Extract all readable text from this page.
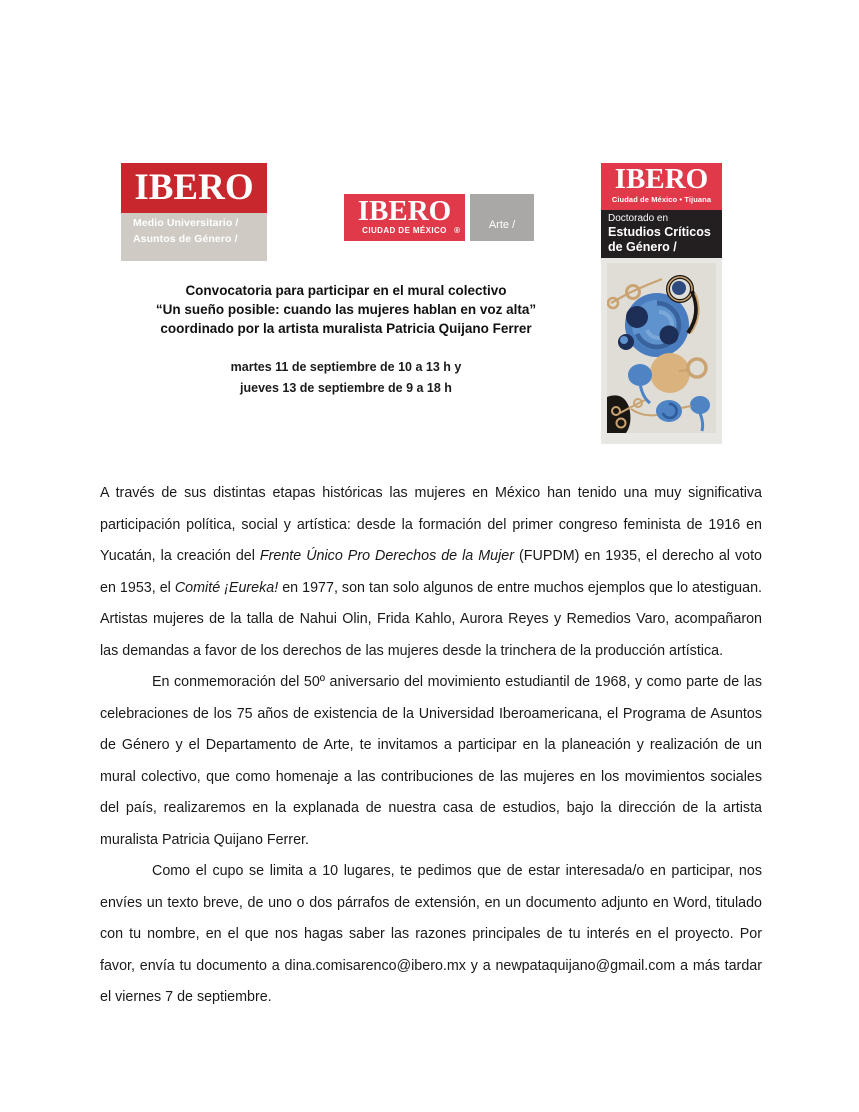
IBERO
Medio Universitario /
Asuntos de Género /
IBERO
CIUDAD DE MÉXICO ®	Arte /
IBERO
Ciudad de México • Tijuana
Doctorado en
Estudios Críticos
de Género /
Convocatoria para participar en el mural colectivo
“Un sueño posible: cuando las mujeres hablan en voz alta”
coordinado por la artista muralista Patricia Quijano Ferrer
martes 11 de septiembre de 10 a 13 h y
jueves 13 de septiembre de 9 a 18 h

A través de sus distintas etapas históricas las mujeres en México han tenido una muy significativa participación política, social y artística: desde la formación del primer congreso feminista de 1916 en Yucatán, la creación del Frente Único Pro Derechos de la Mujer (FUPDM) en 1935, el derecho al voto en 1953, el Comité ¡Eureka! en 1977, son tan solo algunos de entre muchos ejemplos que lo atestiguan. Artistas mujeres de la talla de Nahui Olin, Frida Kahlo, Aurora Reyes y Remedios Varo, acompañaron las demandas a favor de los derechos de las mujeres desde la trinchera de la producción artística.

En conmemoración del 50º aniversario del movimiento estudiantil de 1968, y como parte de las celebraciones de los 75 años de existencia de la Universidad Iberoamericana, el Programa de Asuntos de Género y el Departamento de Arte, te invitamos a participar en la planeación y realización de un mural colectivo, que como homenaje a las contribuciones de las mujeres en los movimientos sociales del país, realizaremos en la explanada de nuestra casa de estudios, bajo la dirección de la artista muralista Patricia Quijano Ferrer.

Como el cupo se limita a 10 lugares, te pedimos que de estar interesada/o en participar, nos envíes un texto breve, de uno o dos párrafos de extensión, en un documento adjunto en Word, titulado con tu nombre, en el que nos hagas saber las razones principales de tu interés en el proyecto. Por favor, envía tu documento a dina.comisarenco@ibero.mx y a newpataquijano@gmail.com a más tardar el viernes 7 de septiembre.
